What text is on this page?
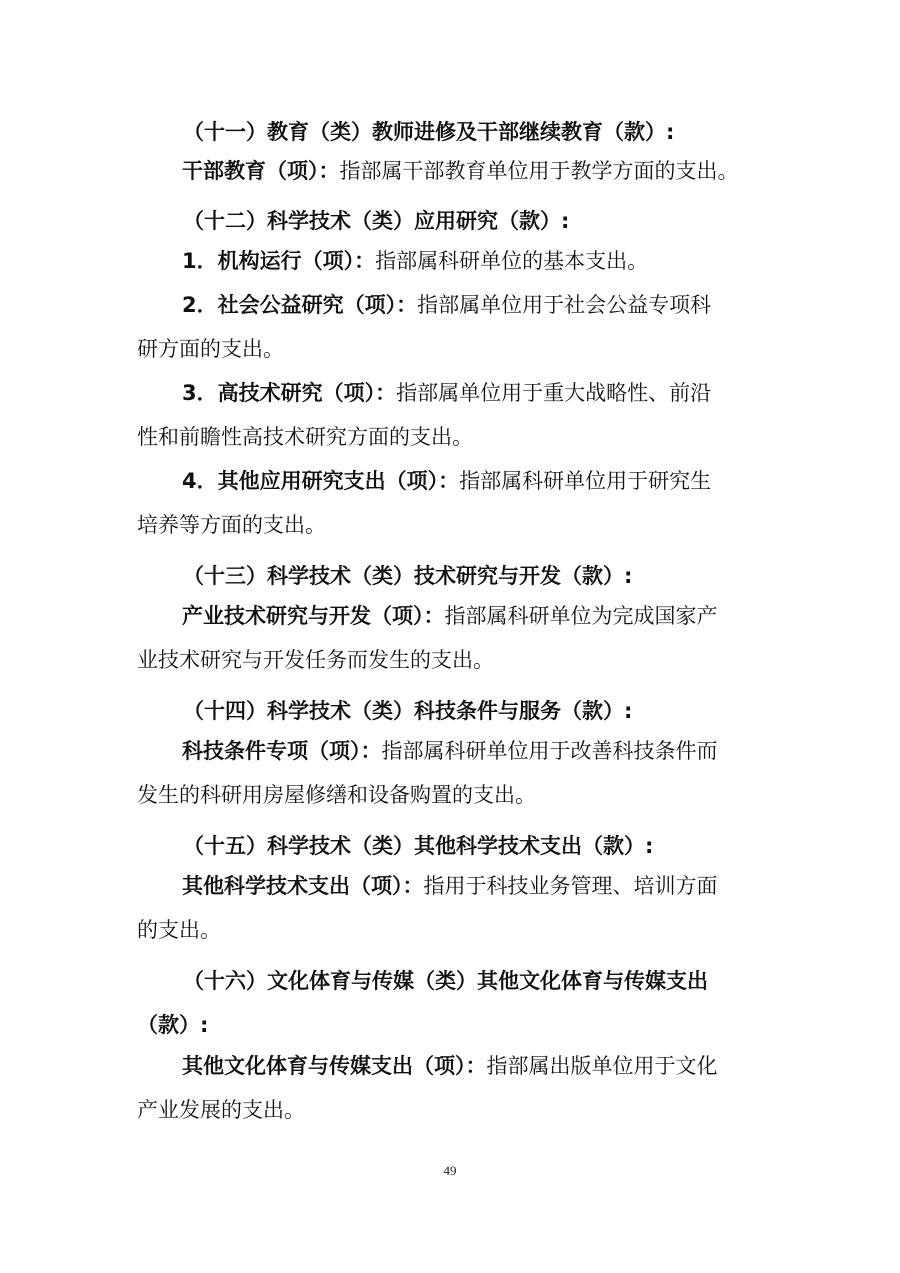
（十一）教育（类）教师进修及干部继续教育（款）:
干部教育（项）：指部属干部教育单位用于教学方面的支出。
（十二）科学技术（类）应用研究（款）:
1．机构运行（项）：指部属科研单位的基本支出。
2．社会公益研究（项）：指部属单位用于社会公益专项科
研方面的支出。
3．高技术研究（项）：指部属单位用于重大战略性、前沿
性和前瞻性高技术研究方面的支出。
4．其他应用研究支出（项）：指部属科研单位用于研究生
培养等方面的支出。
（十三）科学技术（类）技术研究与开发（款）:
产业技术研究与开发（项）：指部属科研单位为完成国家产
业技术研究与开发任务而发生的支出。
（十四）科学技术（类）科技条件与服务（款）:
科技条件专项（项）：指部属科研单位用于改善科技条件而
发生的科研用房屋修缮和设备购置的支出。
（十五）科学技术（类）其他科学技术支出（款）:
其他科学技术支出（项）：指用于科技业务管理、培训方面
的支出。
（十六）文化体育与传媒（类）其他文化体育与传媒支出
（款）:
其他文化体育与传媒支出（项）：指部属出版单位用于文化
产业发展的支出。
49
